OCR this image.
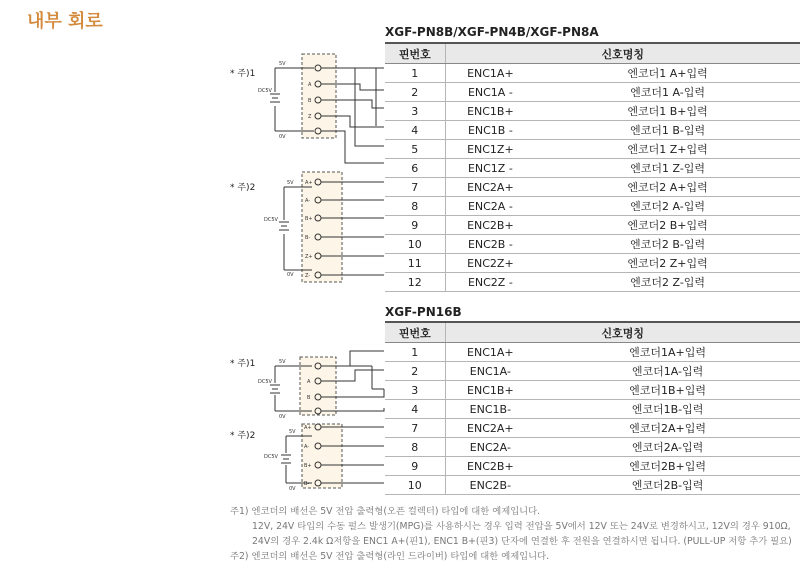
내부 회로	XGF-PN8B/XGF-PN4B/XGF-PN8A
핀번호	신호명칭	
1	ENC1A+	엔코더1 A+입력
2	ENC1A -	엔코더1 A-입력
3	ENC1B+	엔코더1 B+입력
4	ENC1B -	엔코더1 B-입력
5	ENC1Z+	엔코더1 Z+입력
6	ENC1Z -	엔코더1 Z-입력
7	ENC2A+	엔코더2 A+입력
8	ENC2A -	엔코더2 A-입력
9	ENC2B+	엔코더2 B+입력
10	ENC2B -	엔코더2 B-입력
11	ENC2Z+	엔코더2 Z+입력
12	ENC2Z -	엔코더2 Z-입력
XGF-PN16B
핀번호	신호명칭	
1	ENC1A+	엔코더1A+입력
2	ENC1A-	엔코더1A-입력
3	ENC1B+	엔코더1B+입력
4	ENC1B-	엔코더1B-입력
7	ENC2A+	엔코더2A+입력
8	ENC2A-	엔코더2A-입력
9	ENC2B+	엔코더2B+입력
10	ENC2B-	엔코더2B-입력
* 주)1
* 주)2
* 주)1
* 주)2
5V
0V
DC5V
A
B
Z
5V
0V
DC5V
A+
A-
B+
B-
Z+
Z-
5V
0V
DC5V	A
B
5V
0V
DC5V
A+
A-
B+
B-
주1) 엔코더의 배선은 5V 전압 출력형(오픈 컬렉터) 타입에 대한 예제입니다.
12V, 24V 타입의 수동 펄스 발생기(MPG)를 사용하시는 경우 입력 전압을 5V에서 12V 또는 24V로 변경하시고, 12V의 경우 910Ω,
24V의 경우 2.4k Ω저항을 ENC1 A+(핀1), ENC1 B+(핀3) 단자에 연결한 후 전원을 연결하시면 됩니다. (PULL-UP 저항 추가 필요)
주2) 엔코더의 배선은 5V 전압 출력형(라인 드라이버) 타입에 대한 예제입니다.
